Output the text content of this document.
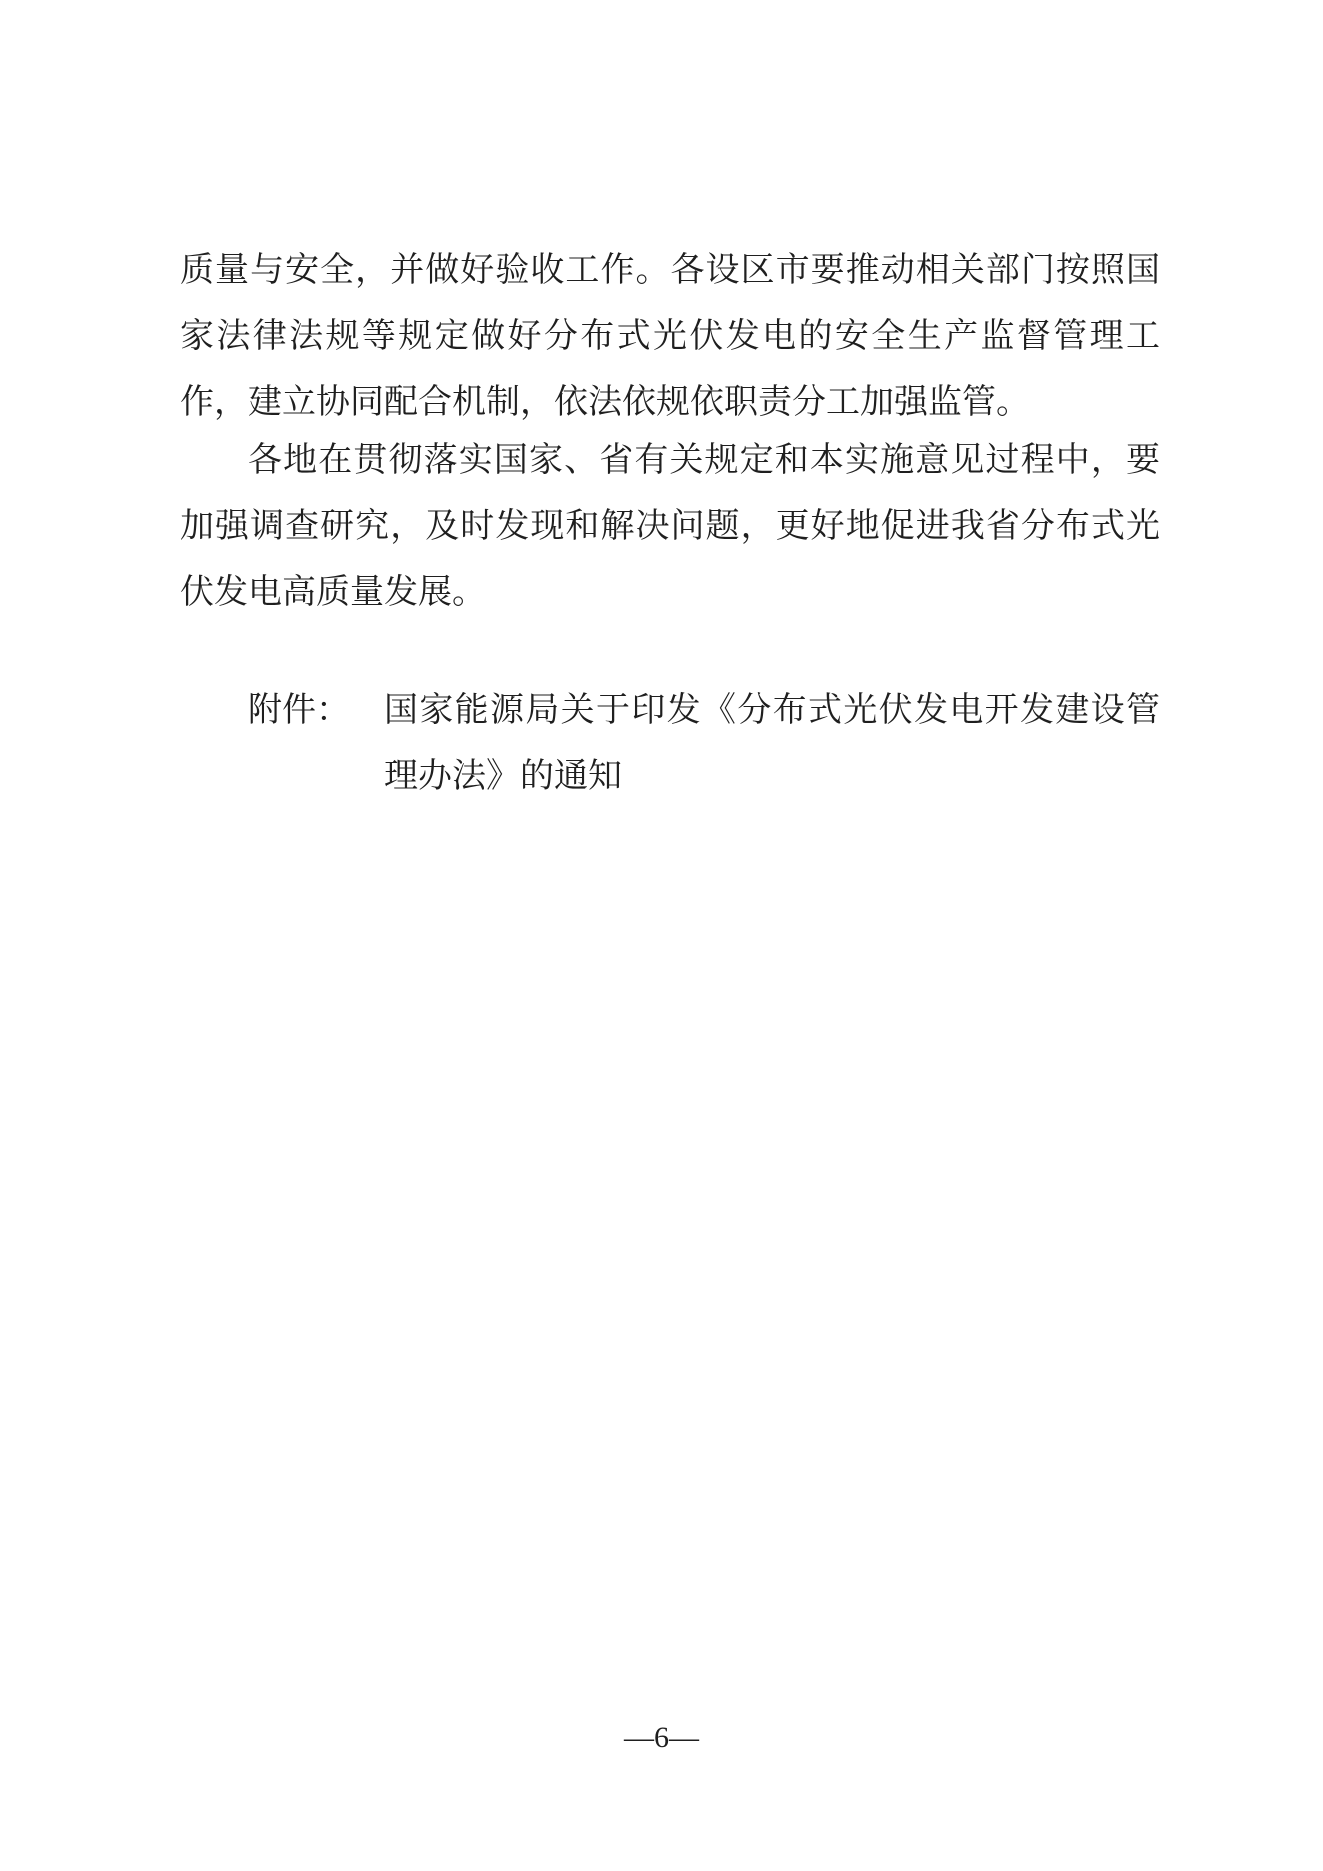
质量与安全，并做好验收工作。各设区市要推动相关部门按照国
家法律法规等规定做好分布式光伏发电的安全生产监督管理工
作，建立协同配合机制，依法依规依职责分工加强监管。
各地在贯彻落实国家、省有关规定和本实施意见过程中，要
加强调查研究，及时发现和解决问题，更好地促进我省分布式光
伏发电高质量发展。
附件： 国家能源局关于印发《分布式光伏发电开发建设管
理办法》的通知
—6—
